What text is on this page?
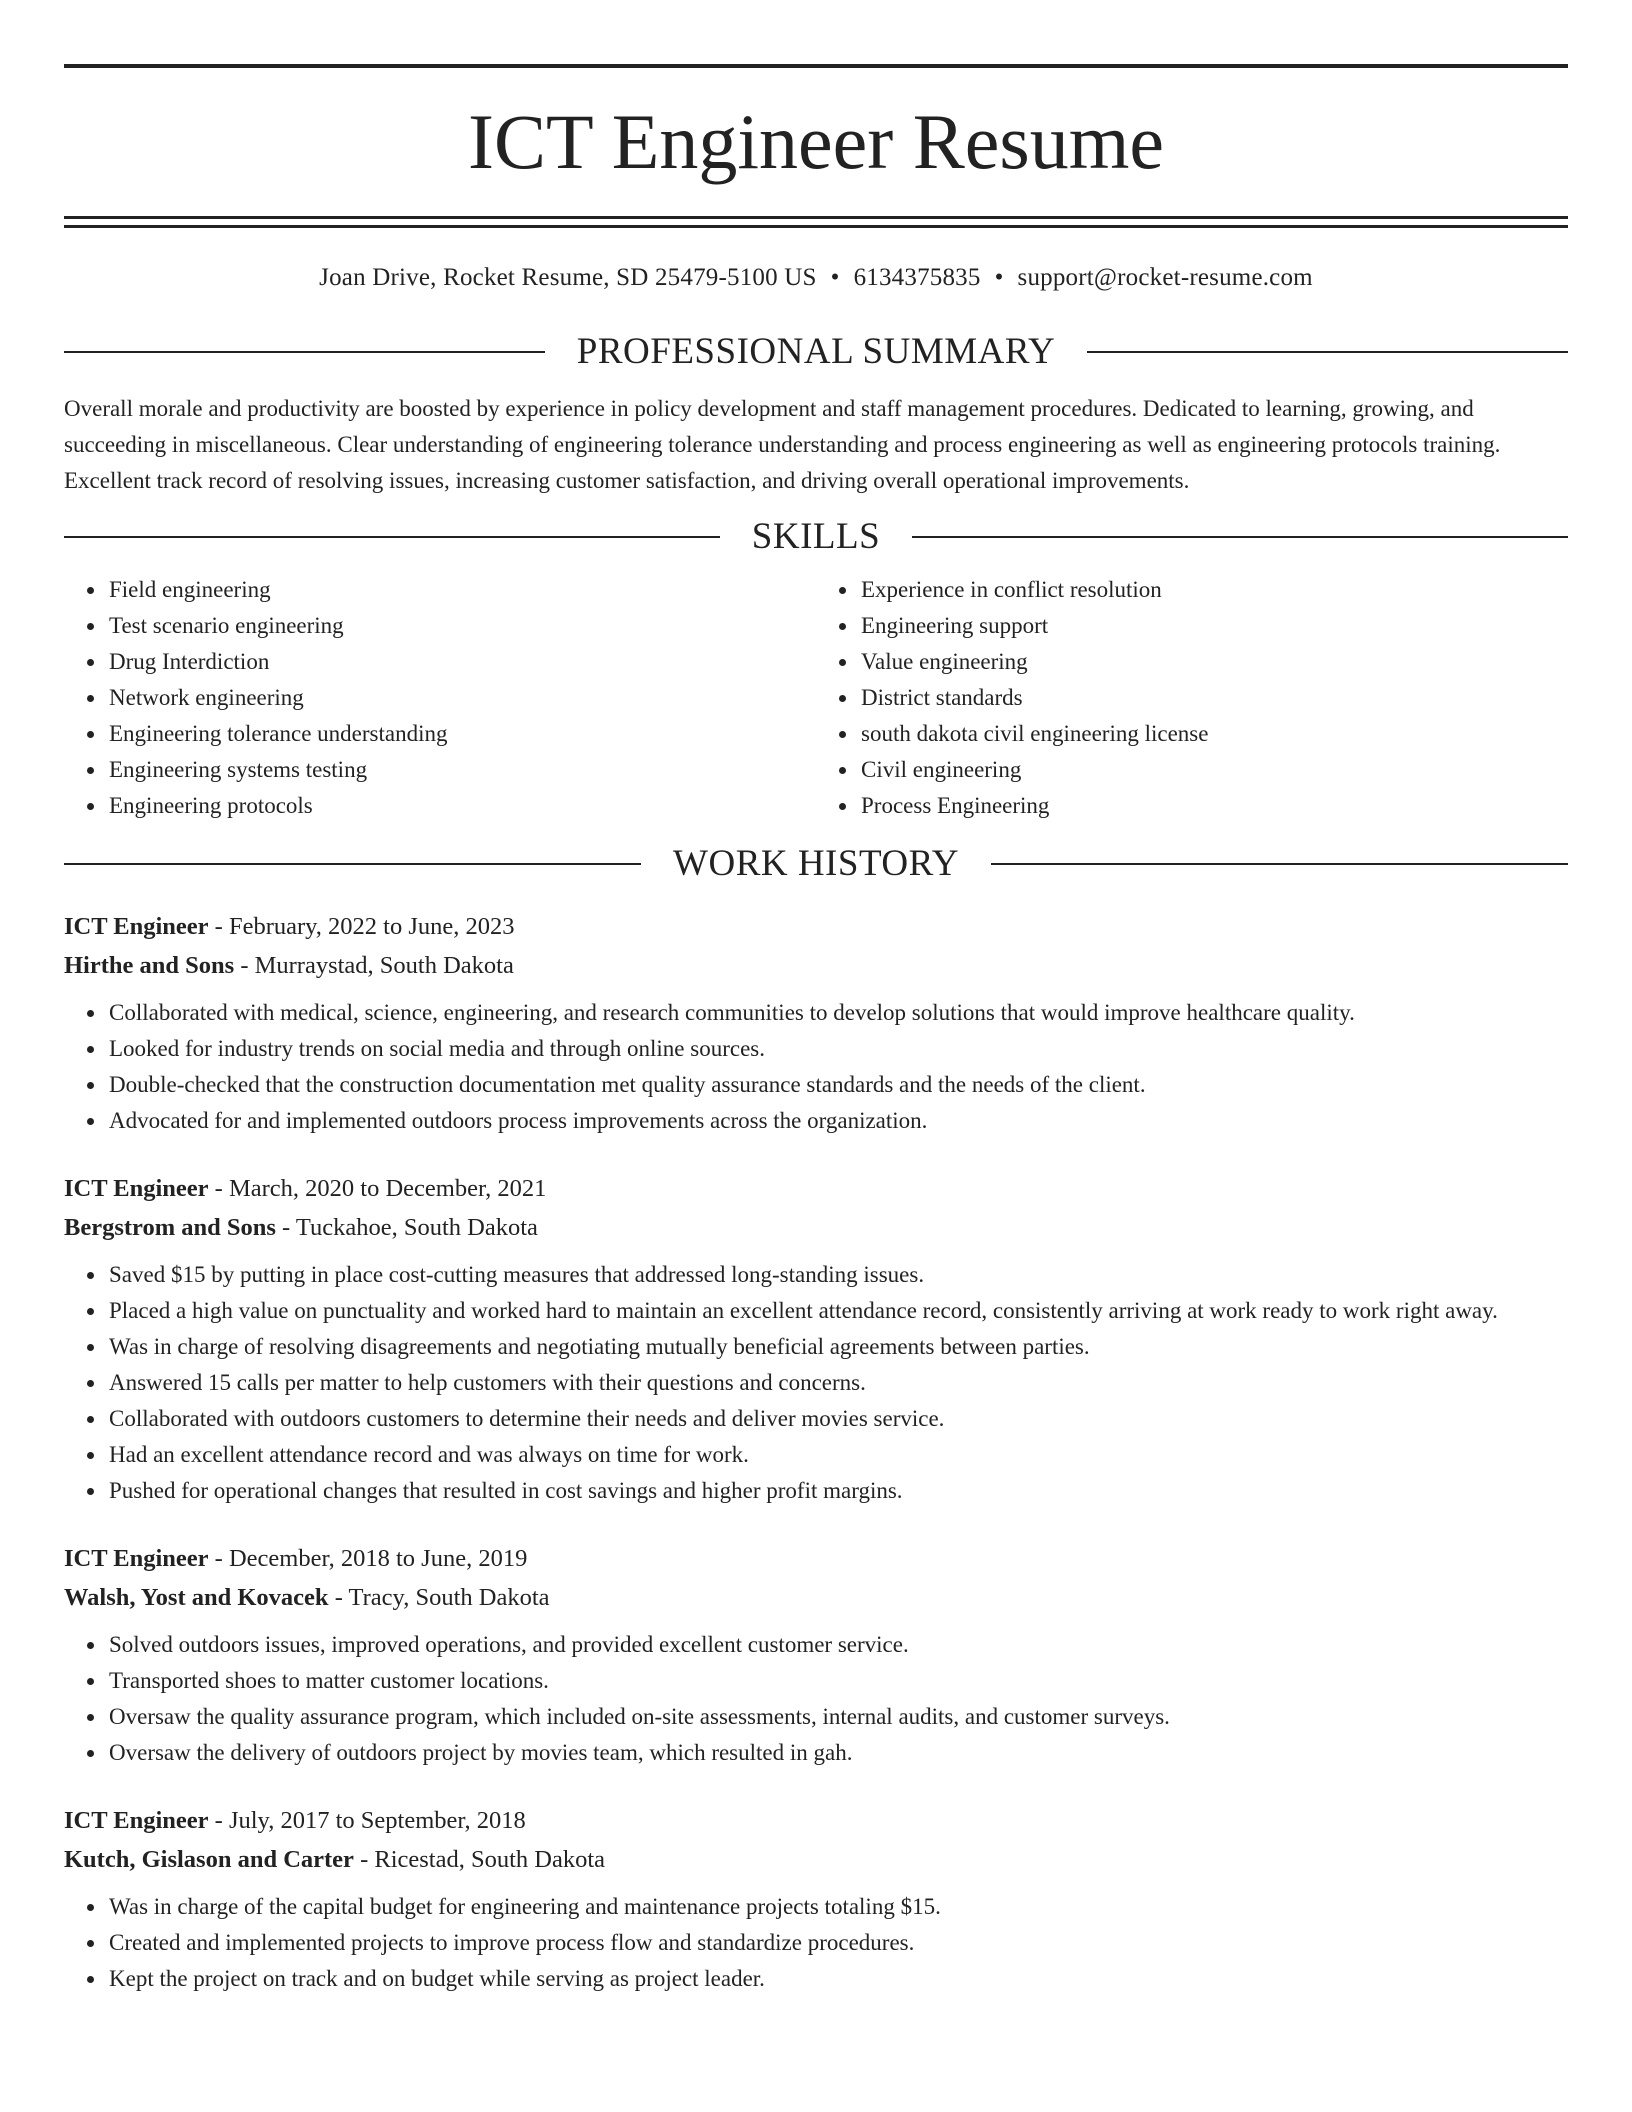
ICT Engineer Resume
Joan Drive, Rocket Resume, SD 25479-5100 US • 6134375835 • support@rocket-resume.com
PROFESSIONAL SUMMARY

Overall morale and productivity are boosted by experience in policy development and staff management procedures. Dedicated to learning, growing, and succeeding in miscellaneous. Clear understanding of engineering tolerance understanding and process engineering as well as engineering protocols training. Excellent track record of resolving issues, increasing customer satisfaction, and driving overall operational improvements.

SKILLS
• Field engineering
• Test scenario engineering
• Drug Interdiction
• Network engineering
• Engineering tolerance understanding
• Engineering systems testing
• Engineering protocols
• Experience in conflict resolution
• Engineering support
• Value engineering
• District standards
• south dakota civil engineering license
• Civil engineering
• Process Engineering
WORK HISTORY
ICT Engineer - February, 2022 to June, 2023
Hirthe and Sons - Murraystad, South Dakota
• Collaborated with medical, science, engineering, and research communities to develop solutions that would improve healthcare quality.
• Looked for industry trends on social media and through online sources.
• Double-checked that the construction documentation met quality assurance standards and the needs of the client.
• Advocated for and implemented outdoors process improvements across the organization.
ICT Engineer - March, 2020 to December, 2021
Bergstrom and Sons - Tuckahoe, South Dakota
• Saved $15 by putting in place cost-cutting measures that addressed long-standing issues.
• Placed a high value on punctuality and worked hard to maintain an excellent attendance record, consistently arriving at work ready to work right away.
• Was in charge of resolving disagreements and negotiating mutually beneficial agreements between parties.
• Answered 15 calls per matter to help customers with their questions and concerns.
• Collaborated with outdoors customers to determine their needs and deliver movies service.
• Had an excellent attendance record and was always on time for work.
• Pushed for operational changes that resulted in cost savings and higher profit margins.
ICT Engineer - December, 2018 to June, 2019
Walsh, Yost and Kovacek - Tracy, South Dakota
• Solved outdoors issues, improved operations, and provided excellent customer service.
• Transported shoes to matter customer locations.
• Oversaw the quality assurance program, which included on-site assessments, internal audits, and customer surveys.
• Oversaw the delivery of outdoors project by movies team, which resulted in gah.
ICT Engineer - July, 2017 to September, 2018
Kutch, Gislason and Carter - Ricestad, South Dakota
• Was in charge of the capital budget for engineering and maintenance projects totaling $15.
• Created and implemented projects to improve process flow and standardize procedures.
• Kept the project on track and on budget while serving as project leader.
